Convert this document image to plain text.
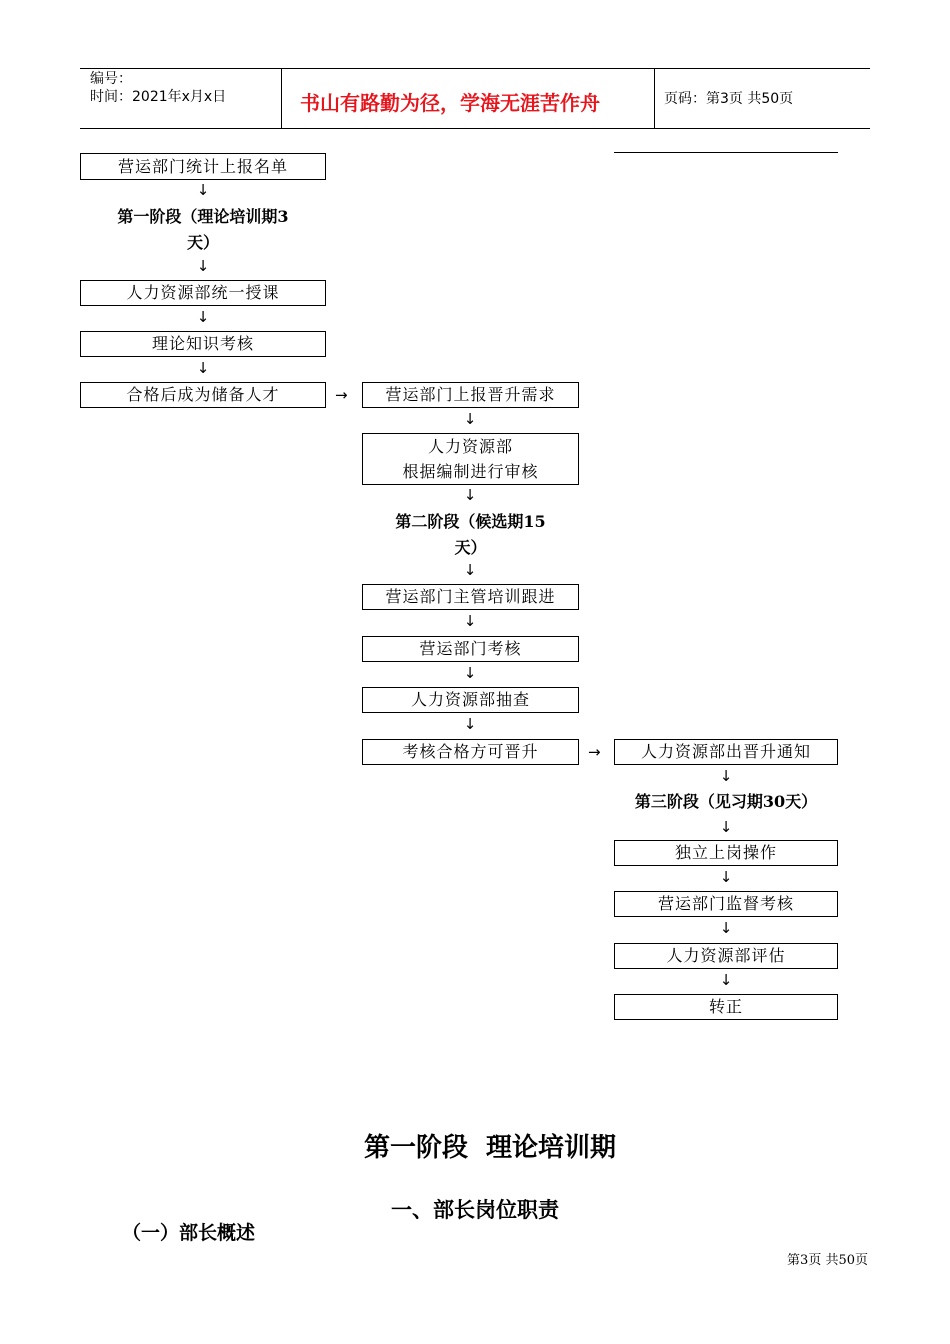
编号：
时间：2021年x月x日	书山有路勤为径，学海无涯苦作舟	页码：第3页 共50页
营运部门统计上报名单
↓
第一阶段（理论培训期3
天）
↓
人力资源部统一授课
↓
理论知识考核
↓
合格后成为储备人才	→	营运部门上报晋升需求
↓
人力资源部
根据编制进行审核
↓
第二阶段（候选期15
天）
↓
营运部门主管培训跟进
↓
营运部门考核
↓
人力资源部抽查
↓
考核合格方可晋升	→	人力资源部出晋升通知
↓
第三阶段（见习期30天）
↓
独立上岗操作
↓
营运部门监督考核
↓
人力资源部评估
↓
转正
第一阶段  理论培训期
一、部长岗位职责
（一）部长概述
第3页 共50页
